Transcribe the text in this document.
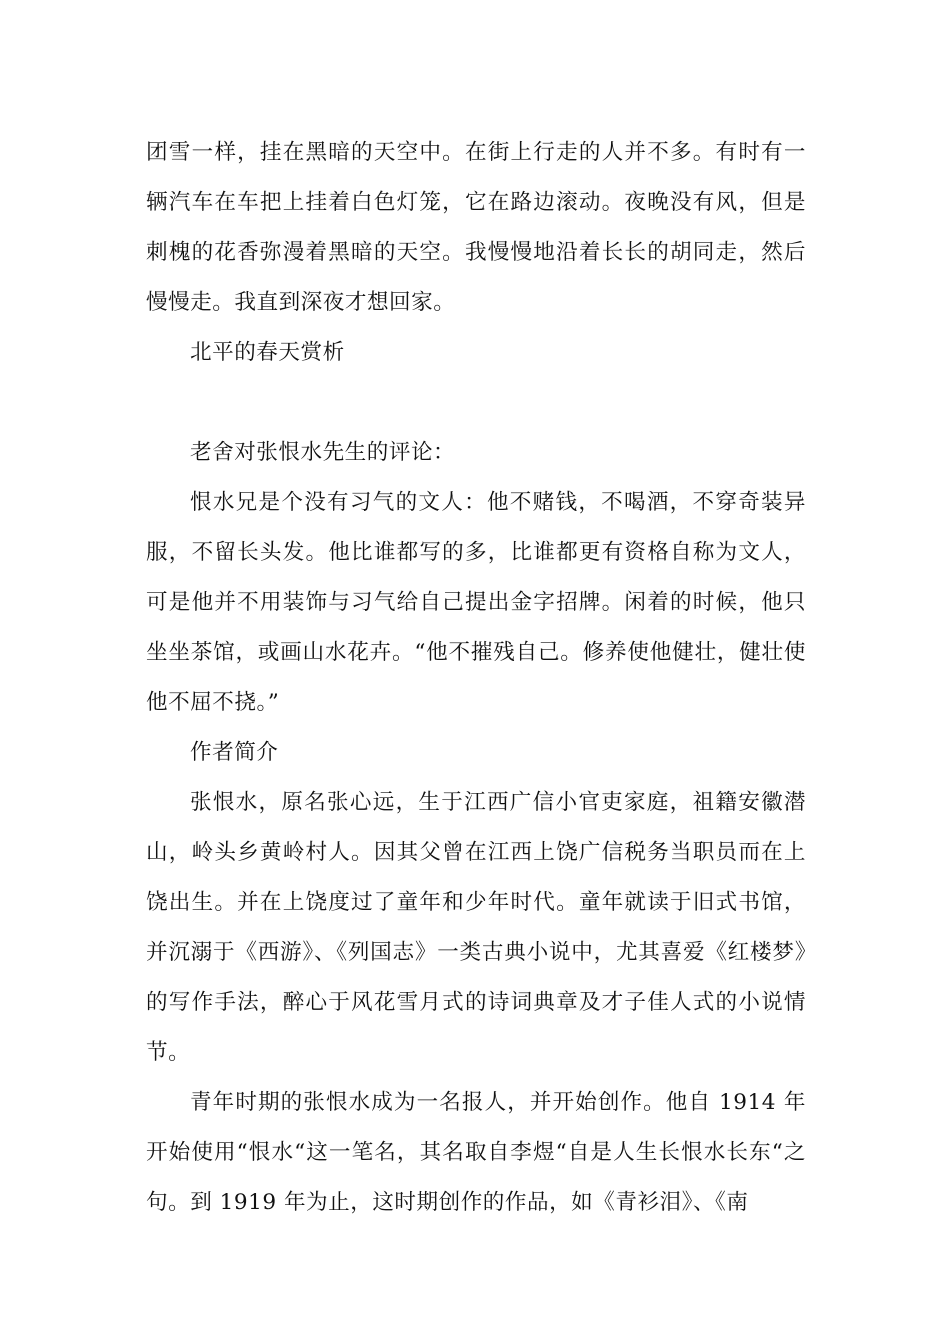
团雪一样，挂在黑暗的天空中。在街上行走的人并不多。有时有一辆汽车在车把上挂着白色灯笼，它在路边滚动。夜晚没有风，但是刺槐的花香弥漫着黑暗的天空。我慢慢地沿着长长的胡同走，然后慢慢走。我直到深夜才想回家。

北平的春天赏析

老舍对张恨水先生的评论：

恨水兄是个没有习气的文人：他不赌钱，不喝酒，不穿奇装异服，不留长头发。他比谁都写的多，比谁都更有资格自称为文人，可是他并不用装饰与习气给自己提出金字招牌。闲着的时候，他只坐坐茶馆，或画山水花卉。“他不摧残自己。修养使他健壮，健壮使他不屈不挠。”

作者简介

张恨水，原名张心远，生于江西广信小官吏家庭，祖籍安徽潜山，岭头乡黄岭村人。因其父曾在江西上饶广信税务当职员而在上饶出生。并在上饶度过了童年和少年时代。童年就读于旧式书馆，并沉溺于《西游》、《列国志》一类古典小说中，尤其喜爱《红楼梦》的写作手法，醉心于风花雪月式的诗词典章及才子佳人式的小说情节。

青年时期的张恨水成为一名报人，并开始创作。他自 1914 年开始使用“恨水“这一笔名，其名取自李煜“自是人生长恨水长东“之句。到 1919 年为止，这时期创作的作品，如《青衫泪》、《南
